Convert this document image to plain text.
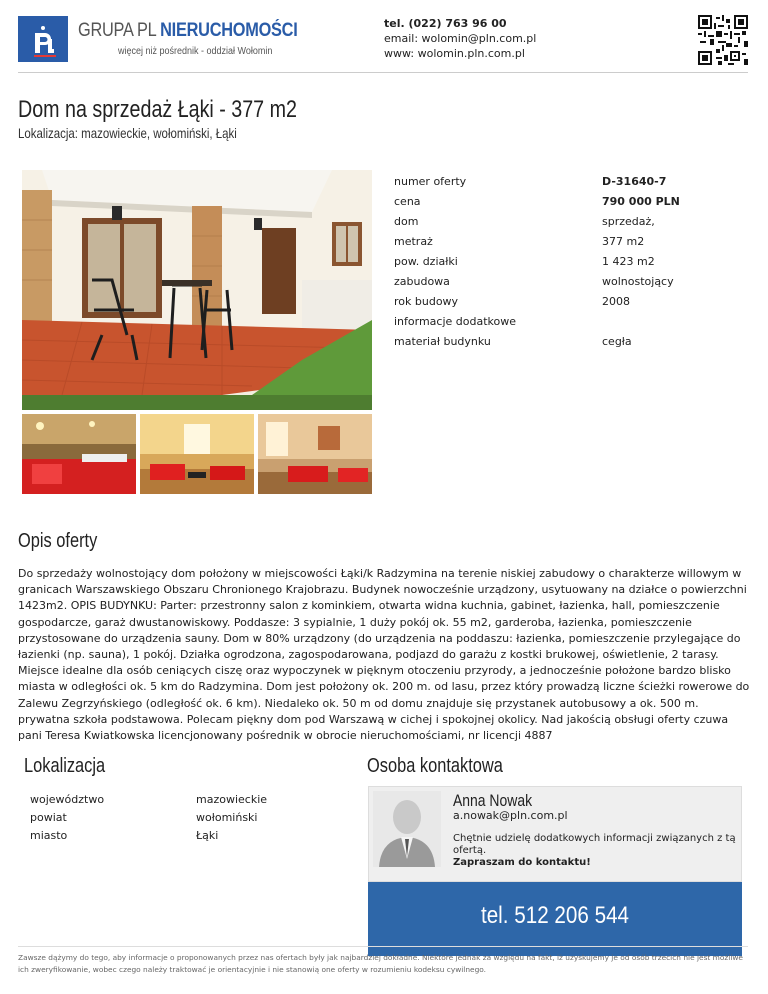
GRUPA PL NIERUCHOMOŚCI
więcej niż pośrednik - oddział Wołomin
tel. (022) 763 96 00
email: wolomin@pln.com.pl
www: wolomin.pln.com.pl
Dom na sprzedaż Łąki - 377 m2
Lokalizacja: mazowieckie, wołomiński, Łąki
numer oferty	D-31640-7
cena	790 000 PLN
dom	sprzedaż,
metraż	377 m2
pow. działki	1 423 m2
zabudowa	wolnostojący
rok budowy	2008
informacje dodatkowe
materiał budynku	cegła
Opis oferty

Do sprzedaży wolnostojący dom położony w miejscowości Łąki/k Radzymina na terenie niskiej zabudowy o charakterze willowym w granicach Warszawskiego Obszaru Chronionego Krajobrazu. Budynek nowocześnie urządzony, usytuowany na działce o powierzchni 1423m2. OPIS BUDYNKU: Parter: przestronny salon z kominkiem, otwarta widna kuchnia, gabinet, łazienka, hall, pomieszczenie gospodarcze, garaż dwustanowiskowy. Poddasze: 3 sypialnie, 1 duży pokój ok. 55 m2, garderoba, łazienka, pomieszczenie przystosowane do urządzenia sauny. Dom w 80% urządzony (do urządzenia na poddaszu: łazienka, pomieszczenie przylegające do łazienki (np. sauna), 1 pokój. Działka ogrodzona, zagospodarowana, podjazd do garażu z kostki brukowej, oświetlenie, 2 tarasy. Miejsce idealne dla osób ceniących ciszę oraz wypoczynek w pięknym otoczeniu przyrody, a jednocześnie położone bardzo blisko miasta w odległości ok. 5 km do Radzymina. Dom jest położony ok. 200 m. od lasu, przez który prowadzą liczne ścieżki rowerowe do Zalewu Zegrzyńskiego (odległość ok. 6 km). Niedaleko ok. 50 m od domu znajduje się przystanek autobusowy a ok. 500 m. prywatna szkoła podstawowa. Polecam piękny dom pod Warszawą w cichej i spokojnej okolicy. Nad jakością obsługi oferty czuwa pani Teresa Kwiatkowska licencjonowany pośrednik w obrocie nieruchomościami, nr licencji 4887

Lokalizacja
województwo	mazowieckie
powiat	wołomiński
miasto	Łąki
Osoba kontaktowa
Anna Nowak
a.nowak@pln.com.pl
Chętnie udzielę dodatkowych informacji związanych z tą ofertą.
Zapraszam do kontaktu!
tel. 512 206 544
Zawsze dążymy do tego, aby informacje o proponowanych przez nas ofertach były jak najbardziej dokładne. Niektóre jednak za względu na fakt, iż uzyskujemy je od osób trzecich nie jest możliwe ich zweryfikowanie, wobec czego należy traktować je orientacyjnie i nie stanowią one oferty w rozumieniu kodeksu cywilnego.
